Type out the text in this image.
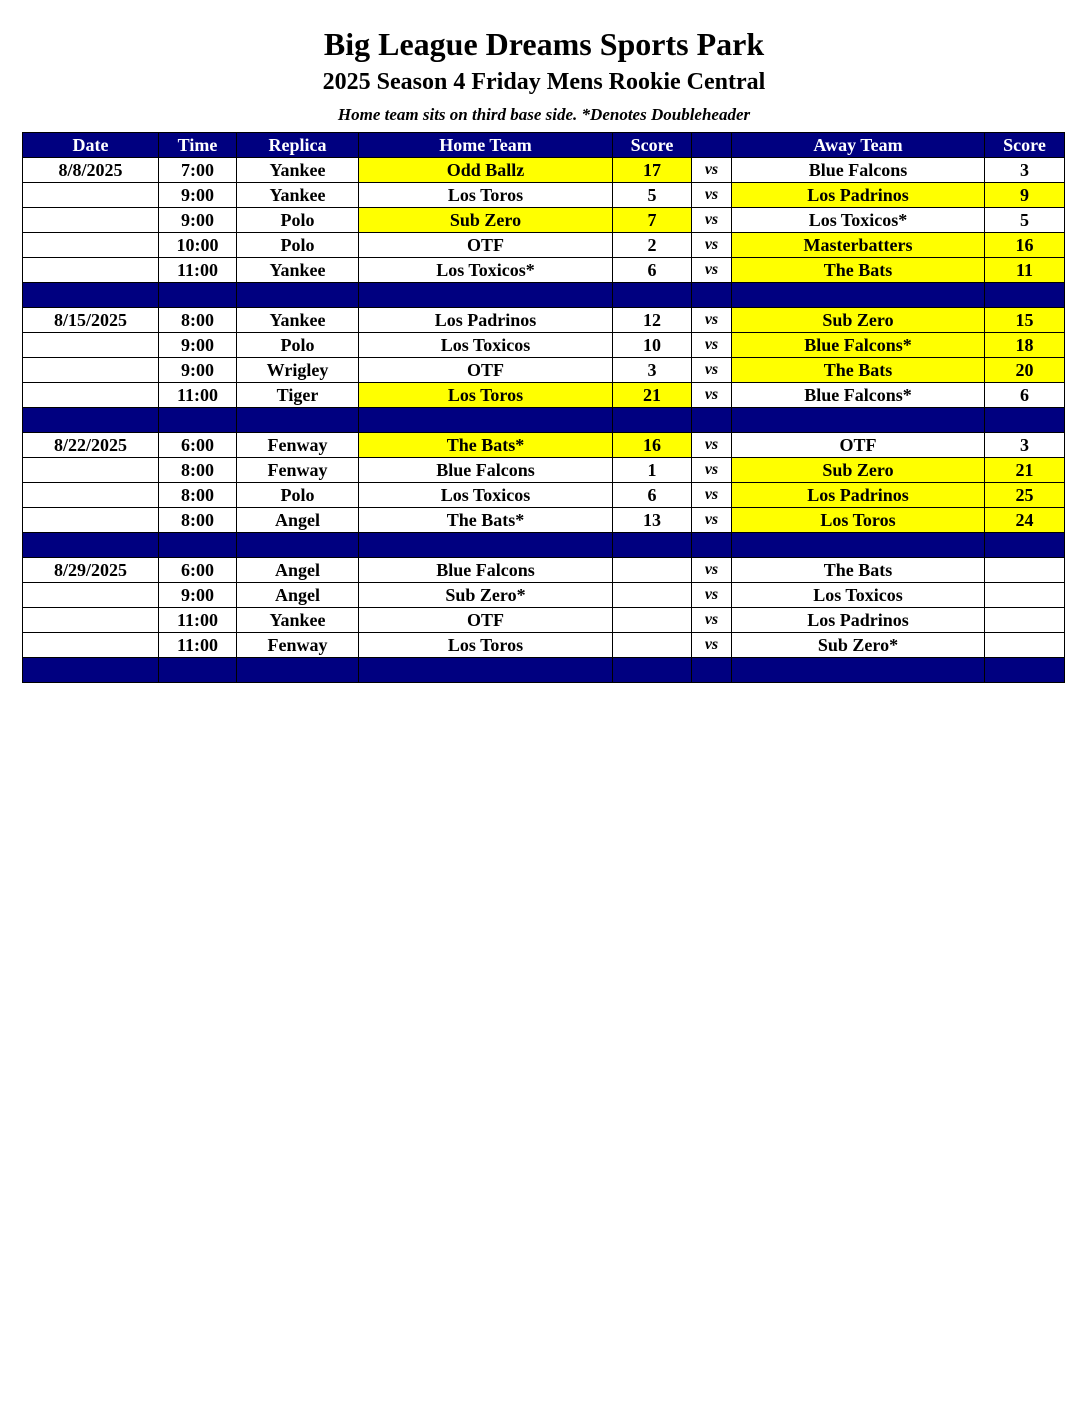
Big League Dreams Sports Park
2025 Season 4 Friday Mens Rookie Central
Home team sits on third base side. *Denotes Doubleheader
Date	Time	Replica	Home Team	Score		Away Team	Score
8/8/2025	7:00	Yankee	Odd Ballz	17	vs	Blue Falcons	3
	9:00	Yankee	Los Toros	5	vs	Los Padrinos	9
	9:00	Polo	Sub Zero	7	vs	Los Toxicos*	5
	10:00	Polo	OTF	2	vs	Masterbatters	16
	11:00	Yankee	Los Toxicos*	6	vs	The Bats	11

8/15/2025	8:00	Yankee	Los Padrinos	12	vs	Sub Zero	15
	9:00	Polo	Los Toxicos	10	vs	Blue Falcons*	18
	9:00	Wrigley	OTF	3	vs	The Bats	20
	11:00	Tiger	Los Toros	21	vs	Blue Falcons*	6

8/22/2025	6:00	Fenway	The Bats*	16	vs	OTF	3
	8:00	Fenway	Blue Falcons	1	vs	Sub Zero	21
	8:00	Polo	Los Toxicos	6	vs	Los Padrinos	25
	8:00	Angel	The Bats*	13	vs	Los Toros	24

8/29/2025	6:00	Angel	Blue Falcons		vs	The Bats	
	9:00	Angel	Sub Zero*		vs	Los Toxicos	
	11:00	Yankee	OTF		vs	Los Padrinos	
	11:00	Fenway	Los Toros		vs	Sub Zero*	
